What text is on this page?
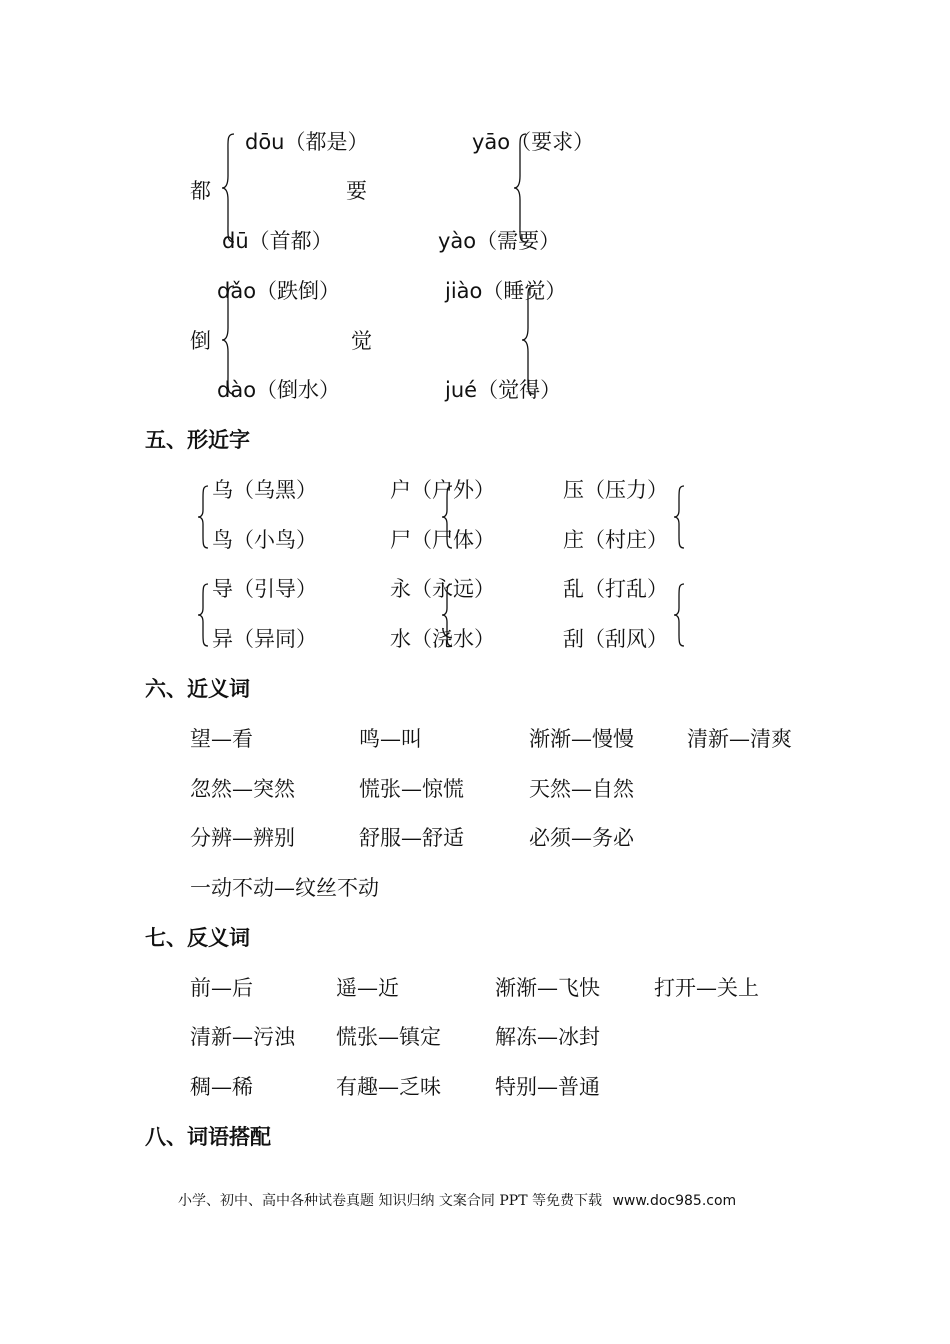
都
dōu（都是）
dū（首都）
要
yāo（要求）
yào（需要）
倒
dǎo（跌倒）
dào（倒水）
觉
jiào（睡觉）
jué（觉得）
五、形近字
乌（乌黑）	户（户外）	压（压力）
鸟（小鸟）	尸（尸体）	庄（村庄）
导（引导）	永（永远）	乱（打乱）
异（异同）	水（浇水）	刮（刮风）
六、近义词
望—看	鸣—叫	渐渐—慢慢	清新—清爽
忽然—突然	慌张—惊慌	天然—自然
分辨—辨别	舒服—舒适	必须—务必
一动不动—纹丝不动
七、反义词
前—后	遥—近	渐渐—飞快	打开—关上
清新—污浊 慌张—镇定	解冻—冰封
稠—稀	有趣—乏味	特别—普通
八、词语搭配
小学、初中、高中各种试卷真题 知识归纳 文案合同 PPT 等免费下载 www.doc985.com
